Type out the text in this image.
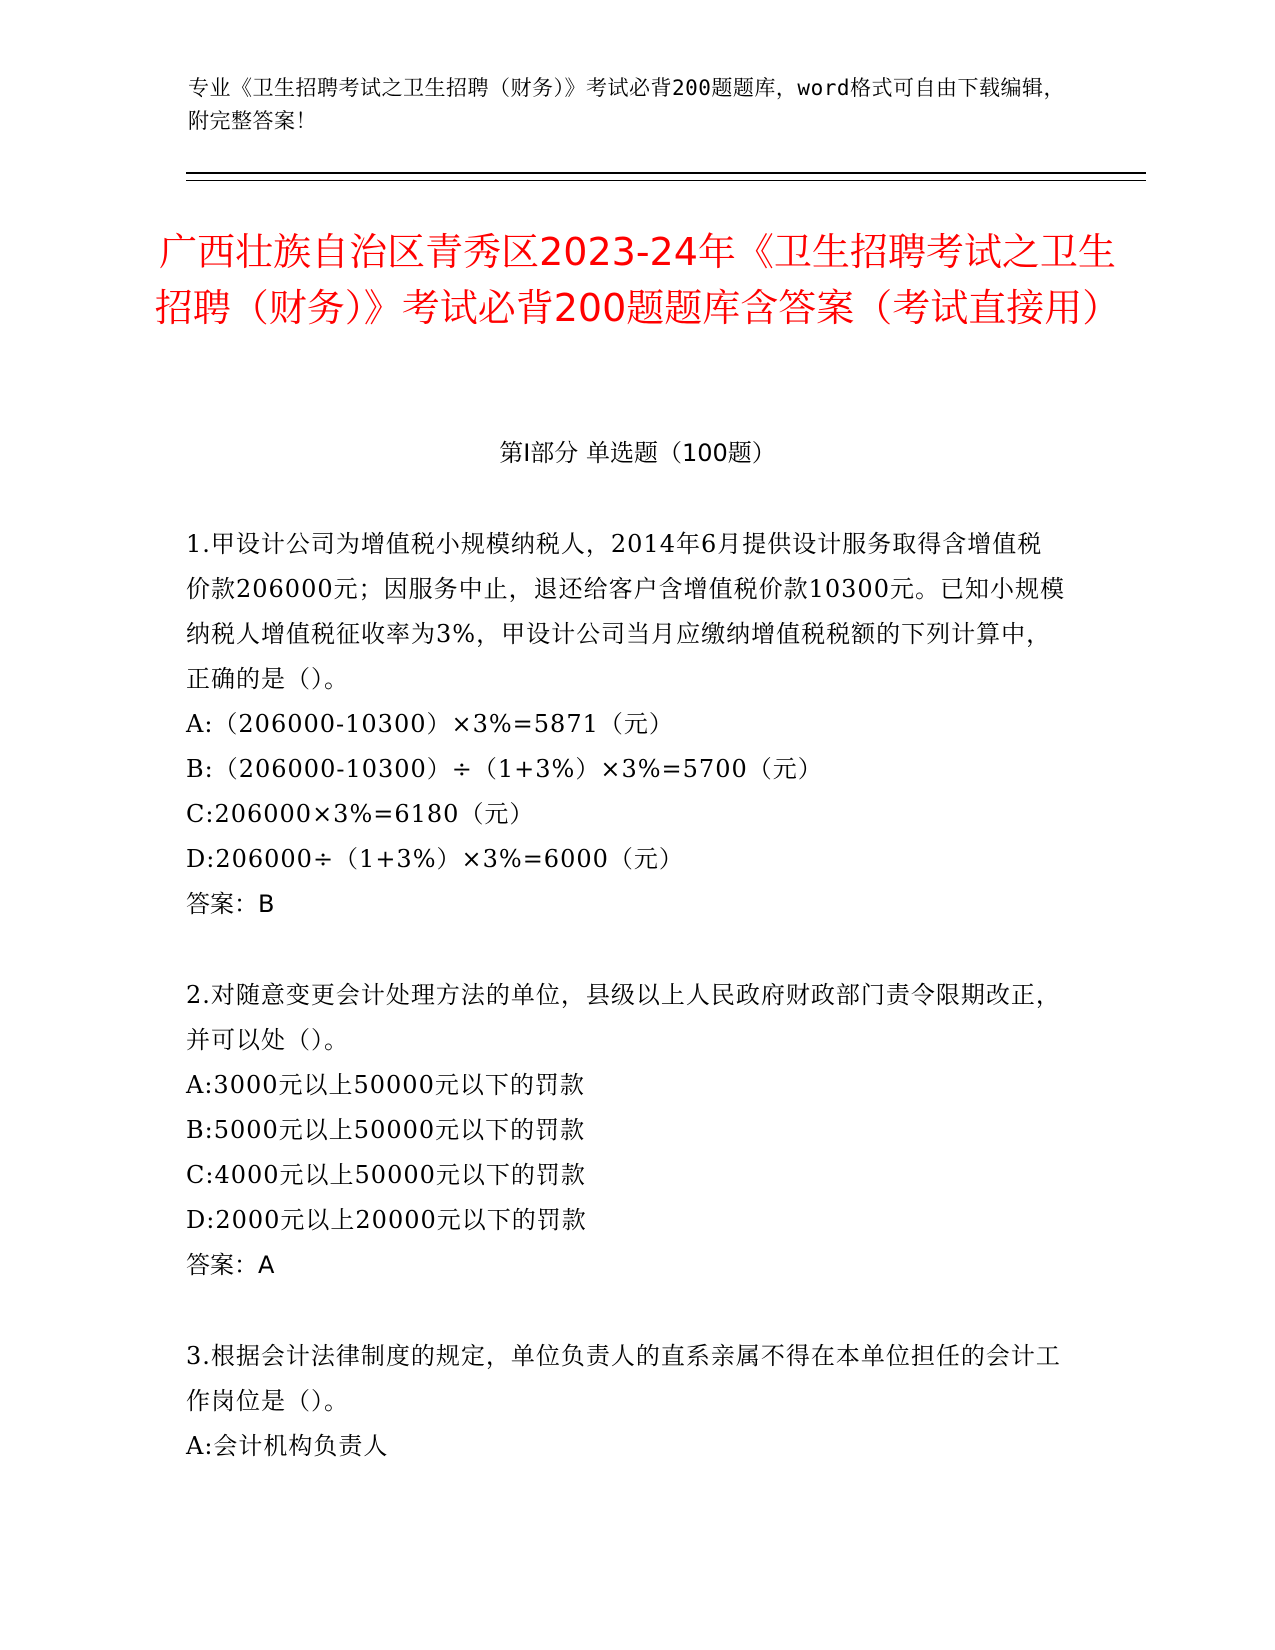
专业《卫生招聘考试之卫生招聘（财务）》考试必背200题题库，word格式可自由下载编辑，附完整答案！
广西壮族自治区青秀区2023-24年《卫生招聘考试之卫生招聘（财务）》考试必背200题题库含答案（考试直接用）
第I部分 单选题（100题）
1.甲设计公司为增值税小规模纳税人，2014年6月提供设计服务取得含增值税价款206000元；因服务中止，退还给客户含增值税价款10300元。已知小规模纳税人增值税征收率为3%，甲设计公司当月应缴纳增值税税额的下列计算中，正确的是（）。
A:（206000-10300）×3%=5871（元）
B:（206000-10300）÷（1+3%）×3%=5700（元）
C:206000×3%=6180（元）
D:206000÷（1+3%）×3%=6000（元）
答案：B
2.对随意变更会计处理方法的单位，县级以上人民政府财政部门责令限期改正，并可以处（）。
A:3000元以上50000元以下的罚款
B:5000元以上50000元以下的罚款
C:4000元以上50000元以下的罚款
D:2000元以上20000元以下的罚款
答案：A
3.根据会计法律制度的规定，单位负责人的直系亲属不得在本单位担任的会计工作岗位是（）。
A:会计机构负责人
